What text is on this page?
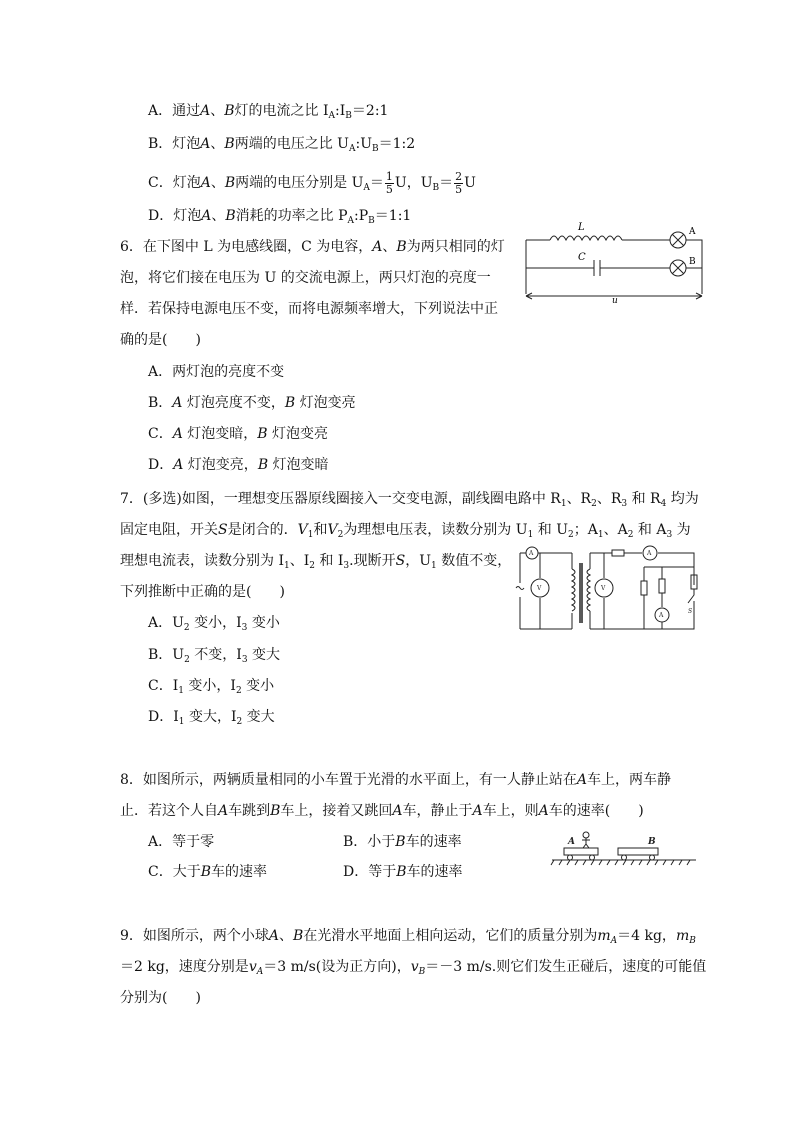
A．通过A、B灯的电流之比 $I_A:I_B=2:1$
B．灯泡A、B两端的电压之比 $U_A:U_B=1:2$
C．灯泡A、B两端的电压分别是 $U_A= \frac{1}{5}$ U，$U_B= \frac{2}{5}$ U
D．灯泡A、B消耗的功率之比 $P_A:P_B=1:1$
6．在下图中 L 为电感线圈，C 为电容，A、B为两只相同的灯
泡，将它们接在电压为 U 的交流电源上，两只灯泡的亮度一
样．若保持电源电压不变，而将电源频率增大，下列说法中正
确的是(　　)
A．两灯泡的亮度不变
B．A 灯泡亮度不变，B 灯泡变亮
C．A 灯泡变暗，B 灯泡变亮
D．A 灯泡变亮，B 灯泡变暗
L
C
A
B
u
7．(多选)如图，一理想变压器原线圈接入一交变电源，副线圈电路中 $R_1$、$R_2$、$R_3$ 和 $R_4$ 均为
固定电阻，开关S是闭合的．$V_1$和$V_2$为理想电压表，读数分别为 $U_1$ 和 $U_2$；$A_1$、$A_2$ 和 $A_3$ 为
理想电流表，读数分别为 $I_1$、$I_2$ 和 $I_3$.现断开S，$U_1$ 数值不变，
下列推断中正确的是(　　)
A．$U_2$ 变小，$I_3$ 变小
B．$U_2$ 不变，$I_3$ 变大
C．$I_1$ 变小，$I_2$ 变小
D．$I_1$ 变大，$I_2$ 变大
A
V	V
A
A
S
8．如图所示，两辆质量相同的小车置于光滑的水平面上，有一人静止站在A车上，两车静
止．若这个人自A车跳到B车上，接着又跳回A车，静止于A车上，则A车的速率(　　)
A．等于零	B．小于B车的速率
C．大于B车的速率	D．等于B车的速率
A	B
9．如图所示，两个小球A、B在光滑水平地面上相向运动，它们的质量分别为$m_A=4$ kg，$m_B$
＝2 kg，速度分别是$v_A=3$ m/s(设为正方向)，$v_B=-3$ m/s.则它们发生正碰后，速度的可能值
分别为(　　)
